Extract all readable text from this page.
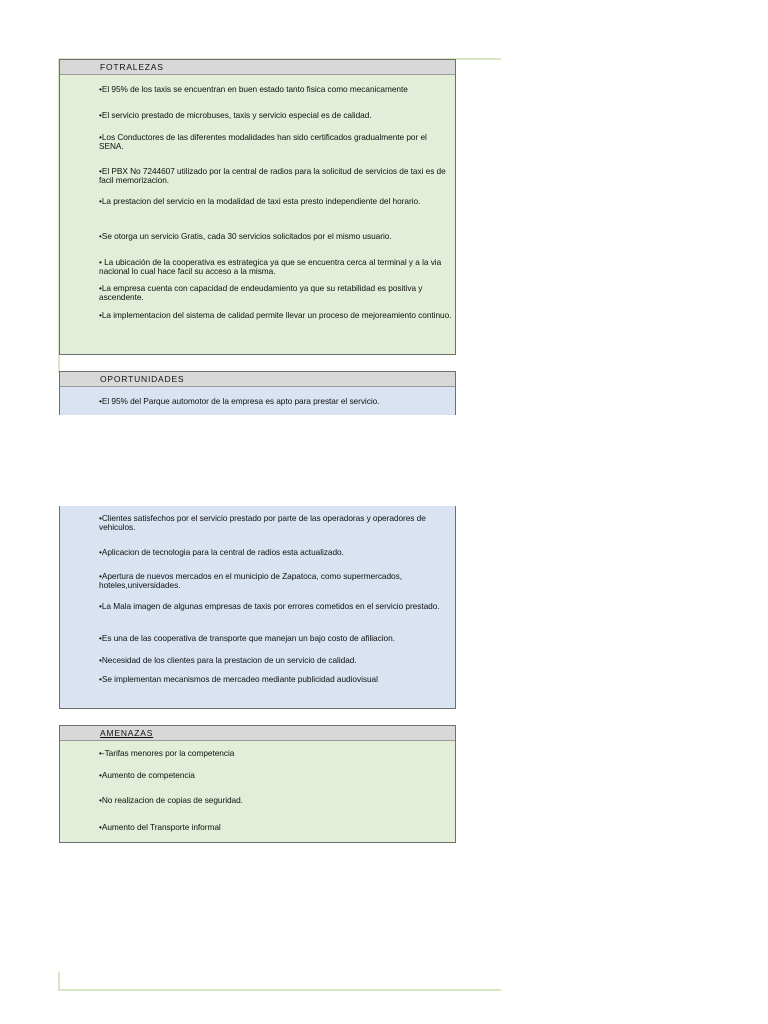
FOTRALEZAS
•El 95% de los taxis se encuentran en buen estado tanto fisica como mecanicamente
•El servicio prestado de microbuses, taxis y servicio especial es de calidad.
•Los Conductores de las diferentes modalidades han sido certificados gradualmente por el SENA.
•El PBX No 7244607 utilizado por la central de radios para la solicitud de servicios de taxi es de facil memorizacion.
•La prestacion del servicio en la modalidad de taxi esta presto independiente del horario.
•Se otorga un servicio Gratis, cada 30 servicios solicitados por el mismo usuario.
• La ubicación de la cooperativa es estrategica ya que se encuentra cerca al terminal y a la via nacional lo cual hace facil su acceso a la misma.
•La empresa cuenta con capacidad de endeudamiento ya que su retabilidad es positiva y ascendente.
•La implementacion del sistema de calidad permite llevar un proceso de mejoreamiento continuo.
OPORTUNIDADES
•El 95% del Parque automotor de la empresa es apto para prestar el servicio.
•Clientes satisfechos por el servicio prestado por parte de las operadoras y operadores de vehiculos.
•Aplicacion de tecnologia para la central de radios esta actualizado.
•Apertura de nuevos mercados en el municipio de Zapatoca, como supermercados, hoteles,universidades.
•La Mala imagen de algunas empresas de taxis por errores cometidos en el servicio prestado.
•Es una de las cooperativa de transporte que manejan un bajo costo de afiliacion.
•Necesidad de los clientes para la prestacion de un servicio de calidad.
•Se implementan mecanismos de mercadeo mediante publicidad audiovisual
AMENAZAS
•-Tarifas menores por la competencia
•Aumento de competencia
•No realizacion de copias de seguridad.
•Aumento del Transporte informal
